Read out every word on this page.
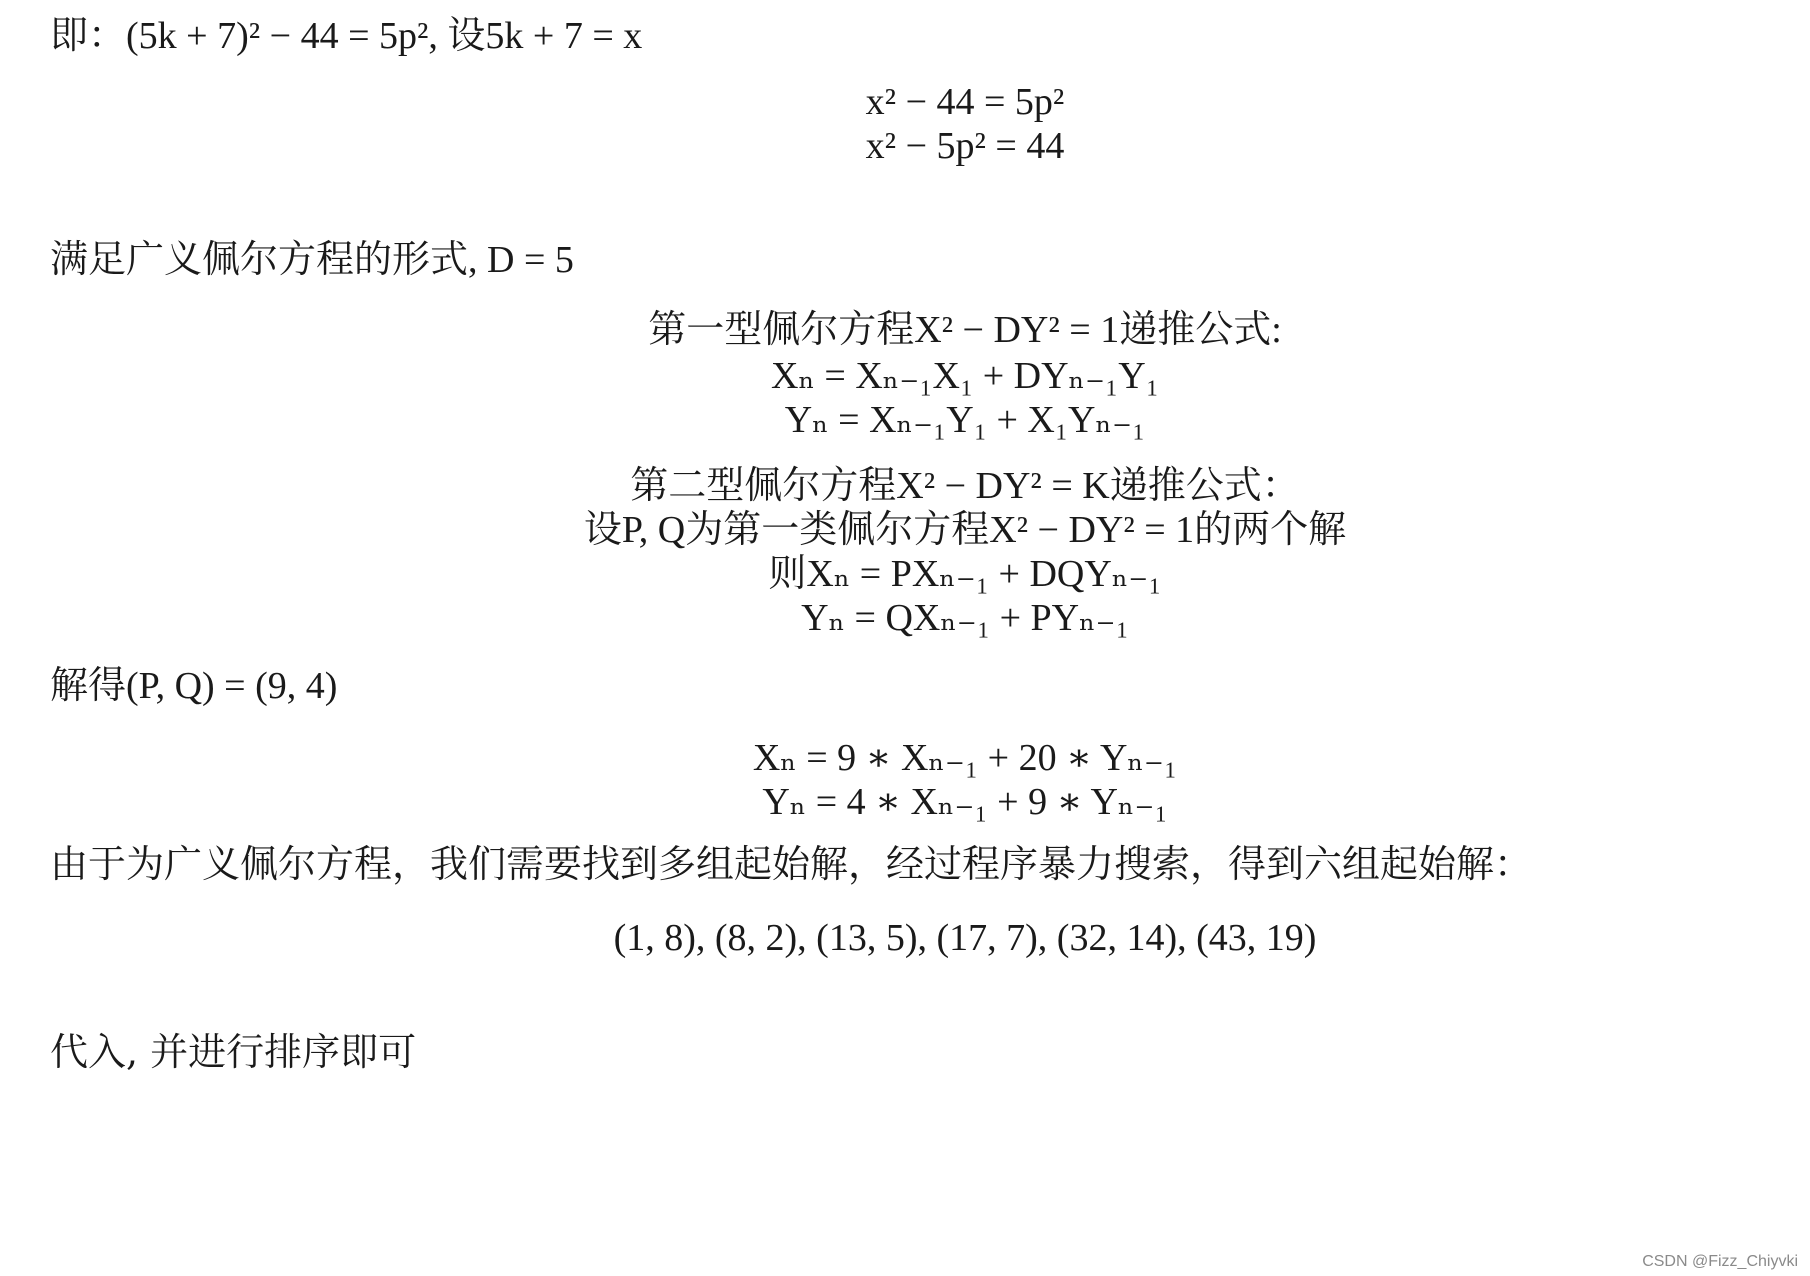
即：(5k + 7)² − 44 = 5p², 设5k + 7 = x
x² − 44 = 5p²
x² − 5p² = 44
满足广义佩尔方程的形式, D = 5
第一型佩尔方程X² − DY² = 1递推公式:
Xₙ = Xₙ₋₁X₁ + DYₙ₋₁Y₁
Yₙ = Xₙ₋₁Y₁ + X₁Yₙ₋₁
第二型佩尔方程X² − DY² = K递推公式：
设P, Q为第一类佩尔方程X² − DY² = 1的两个解
则Xₙ = PXₙ₋₁ + DQYₙ₋₁
Yₙ = QXₙ₋₁ + PYₙ₋₁
解得(P, Q) = (9, 4)
Xₙ = 9 ∗ Xₙ₋₁ + 20 ∗ Yₙ₋₁
Yₙ = 4 ∗ Xₙ₋₁ + 9 ∗ Yₙ₋₁
由于为广义佩尔方程，我们需要找到多组起始解，经过程序暴力搜索，得到六组起始解：
(1, 8), (8, 2), (13, 5), (17, 7), (32, 14), (43, 19)
代入, 并进行排序即可
CSDN @Fizz_Chiyvki
